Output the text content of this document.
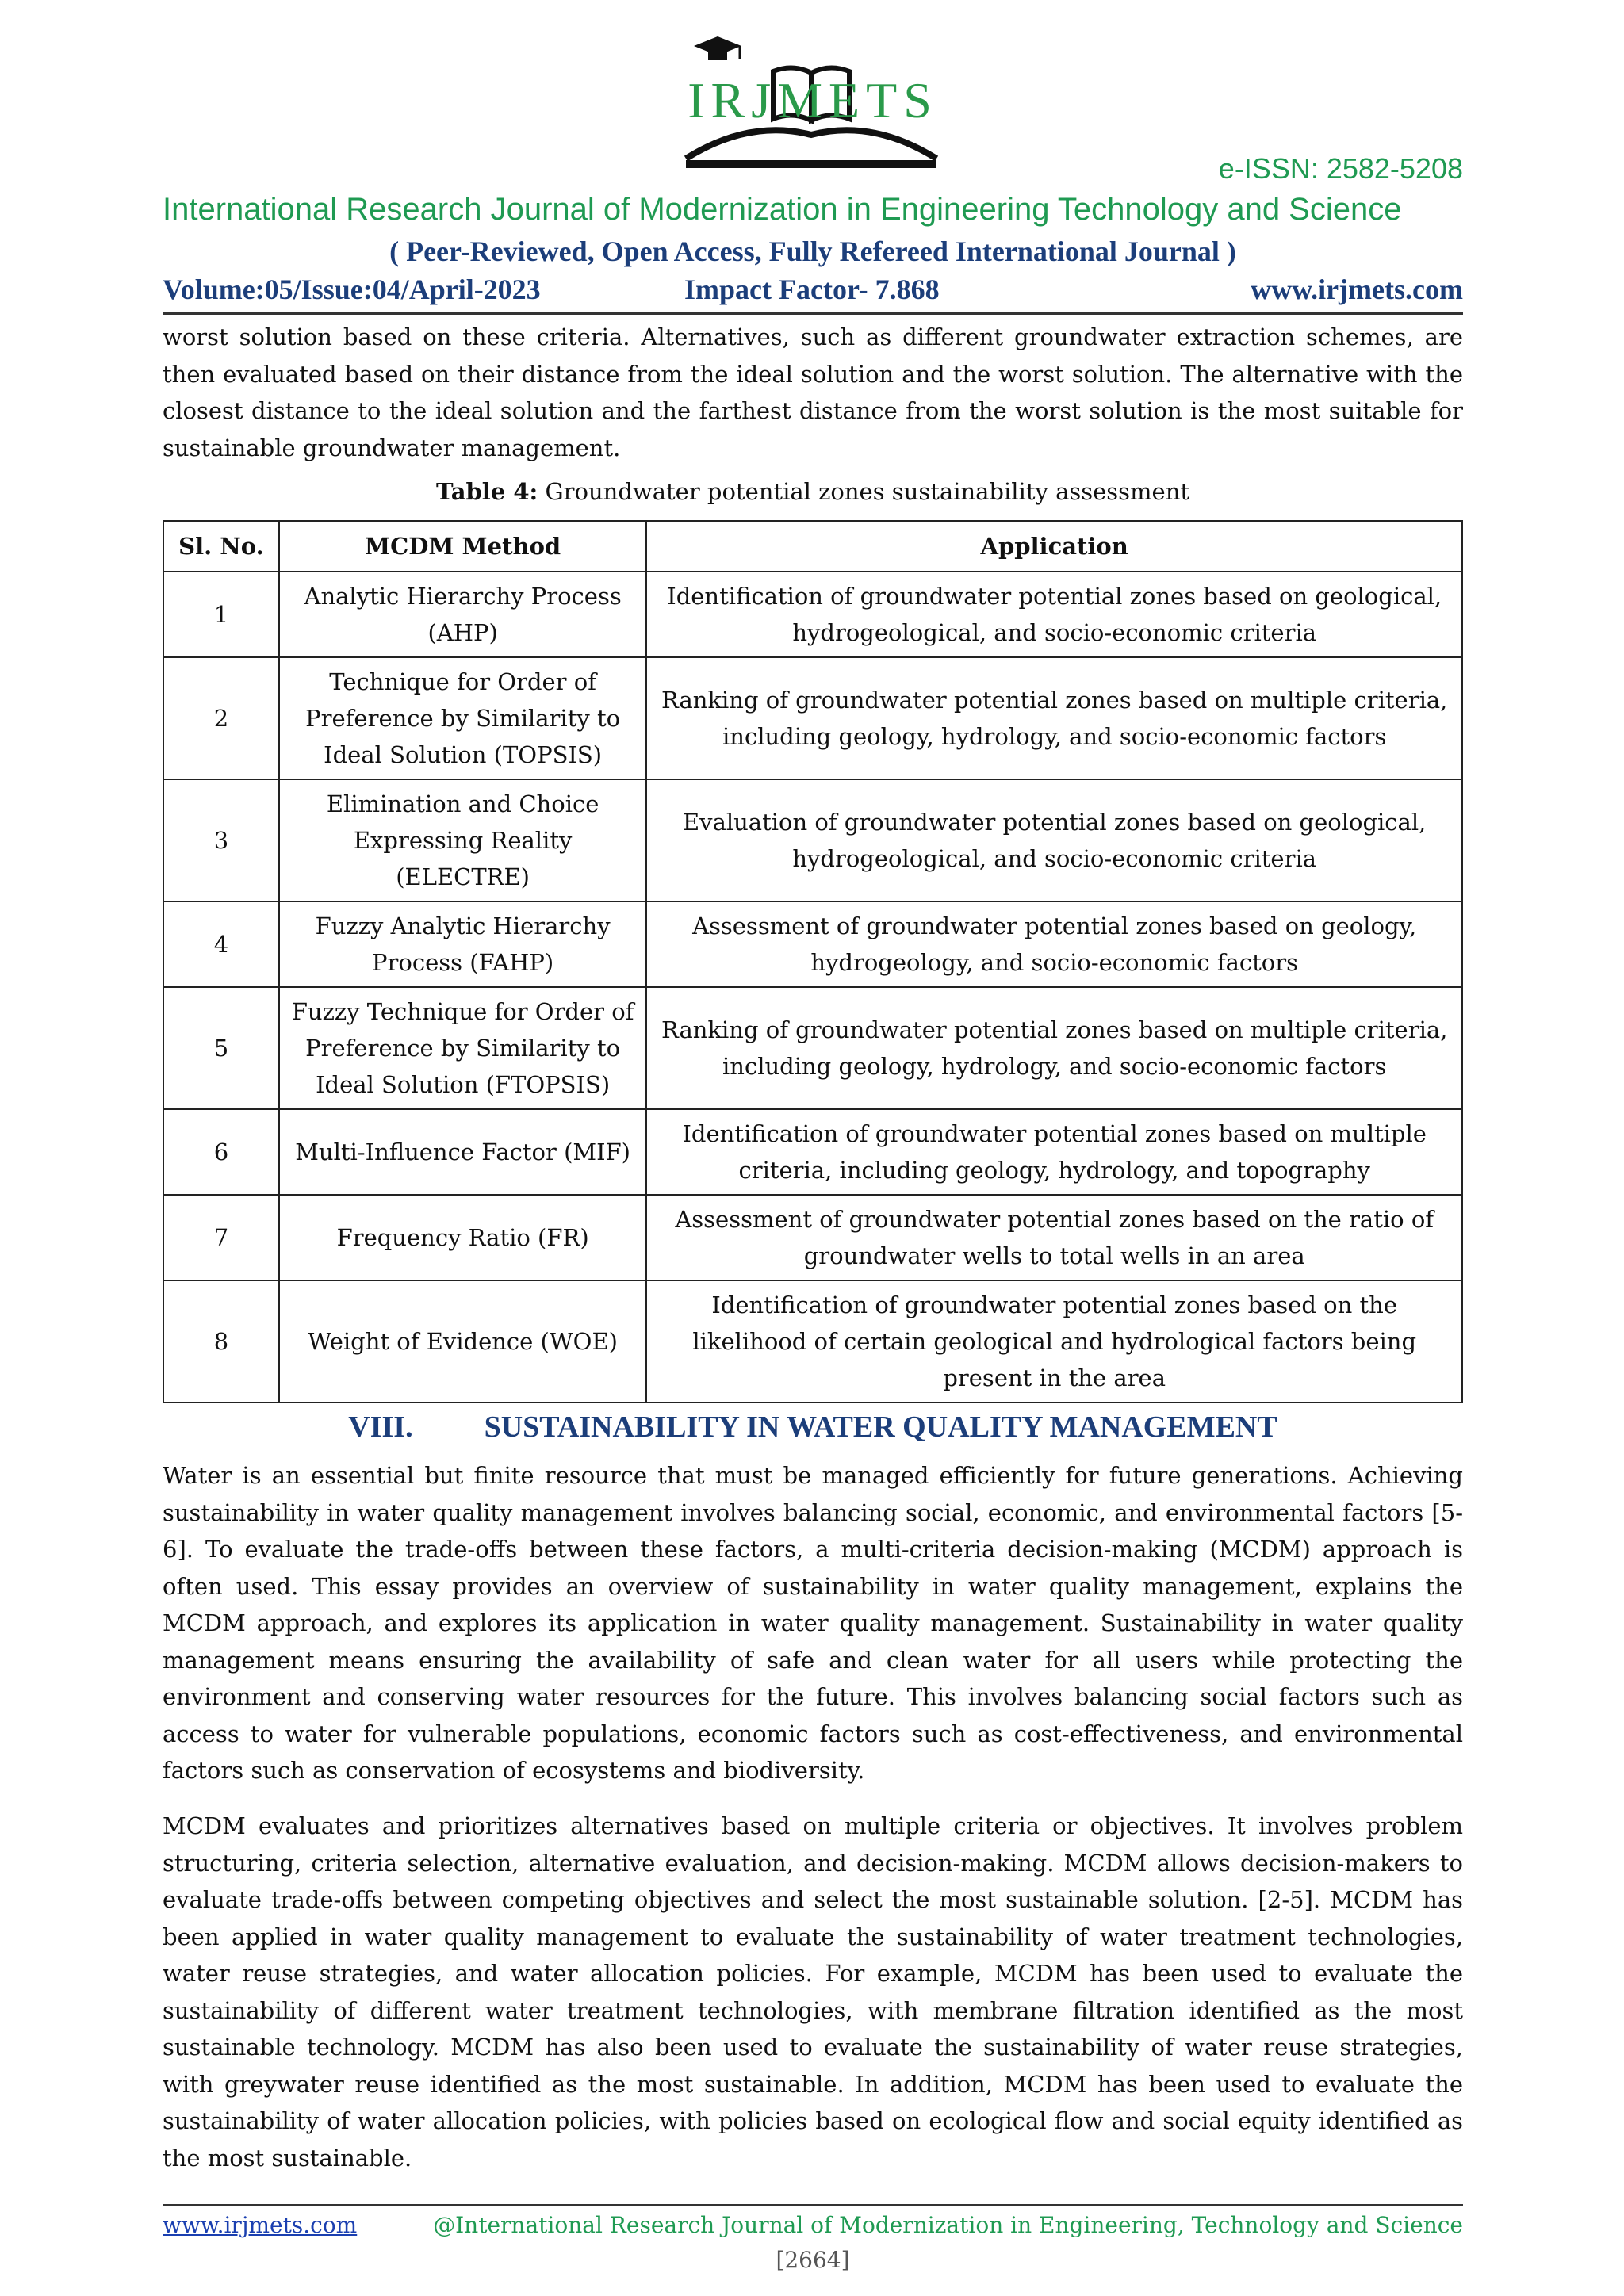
IRJMETS
e-ISSN: 2582-5208
International Research Journal of Modernization in Engineering Technology and Science
( Peer-Reviewed, Open Access, Fully Refereed International Journal )
Volume:05/Issue:04/April-2023	Impact Factor- 7.868	www.irjmets.com

worst solution based on these criteria. Alternatives, such as different groundwater extraction schemes, are then evaluated based on their distance from the ideal solution and the worst solution. The alternative with the closest distance to the ideal solution and the farthest distance from the worst solution is the most suitable for sustainable groundwater management.

Table 4: Groundwater potential zones sustainability assessment
Sl. No.	MCDM Method	Application
1	Analytic Hierarchy Process (AHP)	Identification of groundwater potential zones based on geological, hydrogeological, and socio-economic criteria
2	Technique for Order of Preference by Similarity to Ideal Solution (TOPSIS)	Ranking of groundwater potential zones based on multiple criteria, including geology, hydrology, and socio-economic factors
3	Elimination and Choice Expressing Reality (ELECTRE)	Evaluation of groundwater potential zones based on geological, hydrogeological, and socio-economic criteria
4	Fuzzy Analytic Hierarchy Process (FAHP)	Assessment of groundwater potential zones based on geology, hydrogeology, and socio-economic factors
5	Fuzzy Technique for Order of Preference by Similarity to Ideal Solution (FTOPSIS)	Ranking of groundwater potential zones based on multiple criteria, including geology, hydrology, and socio-economic factors
6	Multi-Influence Factor (MIF)	Identification of groundwater potential zones based on multiple criteria, including geology, hydrology, and topography
7	Frequency Ratio (FR)	Assessment of groundwater potential zones based on the ratio of groundwater wells to total wells in an area
8	Weight of Evidence (WOE)	Identification of groundwater potential zones based on the likelihood of certain geological and hydrological factors being present in the area
VIII. SUSTAINABILITY IN WATER QUALITY MANAGEMENT

Water is an essential but finite resource that must be managed efficiently for future generations. Achieving sustainability in water quality management involves balancing social, economic, and environmental factors [5-6]. To evaluate the trade-offs between these factors, a multi-criteria decision-making (MCDM) approach is often used. This essay provides an overview of sustainability in water quality management, explains the MCDM approach, and explores its application in water quality management. Sustainability in water quality management means ensuring the availability of safe and clean water for all users while protecting the environment and conserving water resources for the future. This involves balancing social factors such as access to water for vulnerable populations, economic factors such as cost-effectiveness, and environmental factors such as conservation of ecosystems and biodiversity.

MCDM evaluates and prioritizes alternatives based on multiple criteria or objectives. It involves problem structuring, criteria selection, alternative evaluation, and decision-making. MCDM allows decision-makers to evaluate trade-offs between competing objectives and select the most sustainable solution. [2-5]. MCDM has been applied in water quality management to evaluate the sustainability of water treatment technologies, water reuse strategies, and water allocation policies. For example, MCDM has been used to evaluate the sustainability of different water treatment technologies, with membrane filtration identified as the most sustainable technology. MCDM has also been used to evaluate the sustainability of water reuse strategies, with greywater reuse identified as the most sustainable. In addition, MCDM has been used to evaluate the sustainability of water allocation policies, with policies based on ecological flow and social equity identified as the most sustainable.

www.irjmets.com	@International Research Journal of Modernization in Engineering, Technology and Science
[2664]
